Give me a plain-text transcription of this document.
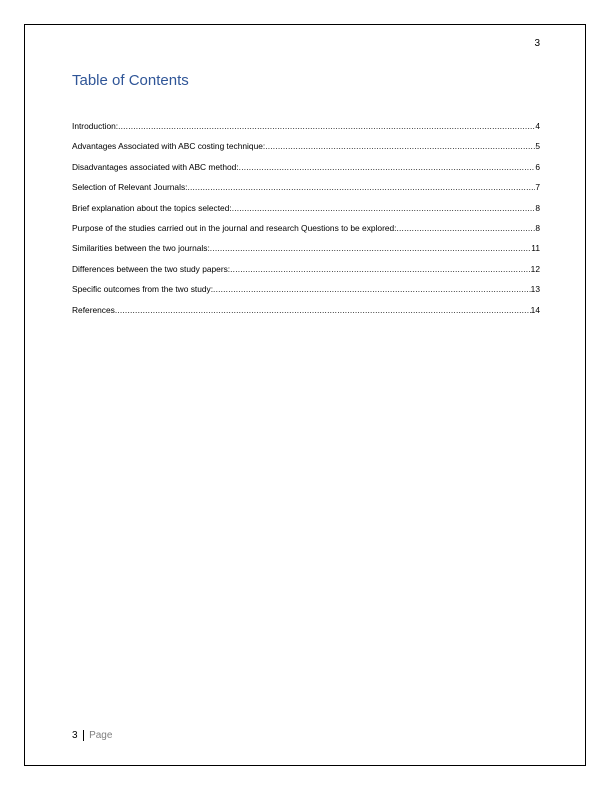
3
Table of Contents
Introduction: .....	4
Advantages Associated with ABC costing technique: .....	5
Disadvantages associated with ABC method: .....	6
Selection of Relevant Journals: .....	7
Brief explanation about the topics selected: .....	8
Purpose of the studies carried out in the journal and research Questions to be explored: .....	8
Similarities between the two journals: .....	11
Differences between the two study papers: .....	12
Specific outcomes from the two study: .....	13
References .....	14
3 Page
